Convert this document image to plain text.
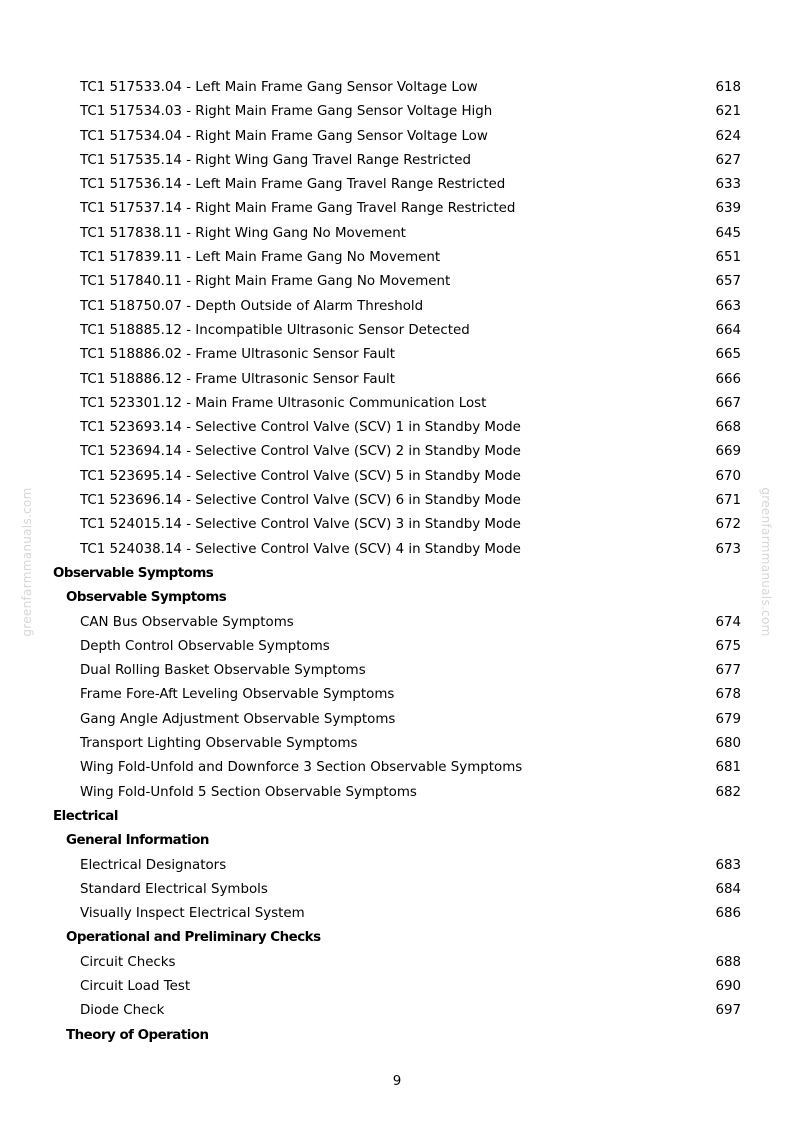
TC1 517533.04 - Left Main Frame Gang Sensor Voltage Low	618
TC1 517534.03 - Right Main Frame Gang Sensor Voltage High	621
TC1 517534.04 - Right Main Frame Gang Sensor Voltage Low	624
TC1 517535.14 - Right Wing Gang Travel Range Restricted	627
TC1 517536.14 - Left Main Frame Gang Travel Range Restricted	633
TC1 517537.14 - Right Main Frame Gang Travel Range Restricted	639
TC1 517838.11 - Right Wing Gang No Movement	645
TC1 517839.11 - Left Main Frame Gang No Movement	651
TC1 517840.11 - Right Main Frame Gang No Movement	657
TC1 518750.07 - Depth Outside of Alarm Threshold	663
TC1 518885.12 - Incompatible Ultrasonic Sensor Detected	664
TC1 518886.02 - Frame Ultrasonic Sensor Fault	665
TC1 518886.12 - Frame Ultrasonic Sensor Fault	666
TC1 523301.12 - Main Frame Ultrasonic Communication Lost	667
TC1 523693.14 - Selective Control Valve (SCV) 1 in Standby Mode	668
TC1 523694.14 - Selective Control Valve (SCV) 2 in Standby Mode	669
TC1 523695.14 - Selective Control Valve (SCV) 5 in Standby Mode	670
TC1 523696.14 - Selective Control Valve (SCV) 6 in Standby Mode	671
TC1 524015.14 - Selective Control Valve (SCV) 3 in Standby Mode	672
TC1 524038.14 - Selective Control Valve (SCV) 4 in Standby Mode	673
Observable Symptoms
Observable Symptoms
CAN Bus Observable Symptoms	674
Depth Control Observable Symptoms	675
Dual Rolling Basket Observable Symptoms	677
Frame Fore-Aft Leveling Observable Symptoms	678
Gang Angle Adjustment Observable Symptoms	679
Transport Lighting Observable Symptoms	680
Wing Fold-Unfold and Downforce 3 Section Observable Symptoms	681
Wing Fold-Unfold 5 Section Observable Symptoms	682
Electrical
General Information
Electrical Designators	683
Standard Electrical Symbols	684
Visually Inspect Electrical System	686
Operational and Preliminary Checks
Circuit Checks	688
Circuit Load Test	690
Diode Check	697
Theory of Operation
9
greenfarmmanuals.com	greenfarmmanuals.com
